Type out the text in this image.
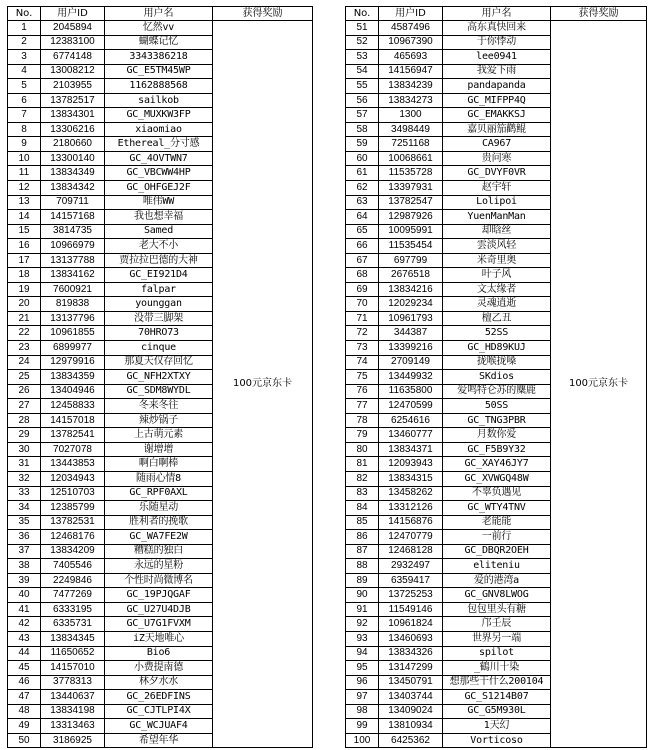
No.	用户ID	用户名	获得奖励
1	2045894	忆然vv	100元京东卡
2	12383100	蝴蝶记忆	
3	6774148	3343386218	
4	13008212	GC_E5TM45WP	
5	2103955	1162888568	
6	13782517	sailkob	
7	13834301	GC_MUXKW3FP	
8	13306216	xiaomiao	
9	2180660	Ethereal_分寸感	
10	13300140	GC_4OVTWN7	
11	13834349	GC_VBCWW4HP	
12	13834342	GC_OHFGEJ2F	
13	709711	唯伟WW	
14	14157168	我也想幸福	
15	3814735	Samed	
16	10966979	老大不小	
17	13137788	贾拉拉巴德的大神	
18	13834162	GC_EI921D4	
19	7600921	falpar	
20	819838	younggan	
21	13137796	没带三脚架	
22	10961855	70HRO73	
23	6899977	cinque	
24	12979916	那夏天仅存回忆	
25	13834359	GC_NFH2XTXY	
26	13404946	GC_SDM8WYDL	
27	12458833	冬来冬往	
28	14157018	辣炒锅子	
29	13782541	上古萌元素	
30	7027078	谢增增	
31	13443853	啊白啊棒	
32	12034943	随雨心情8	
33	12510703	GC_RPF0AXL	
34	12385799	乐随星动	
35	13782531	胜利者的挽歌	
36	12468176	GC_WA7FE2W	
37	13834209	糟糕的独白	
38	7405546	永远的星粉	
39	2249846	个性时尚微博名	
40	7477269	GC_19PJQGAF	
41	6333195	GC_U27U4DJB	
42	6335731	GC_U7G1FVXM	
43	13834345	iZ天地唯心	
44	11650652	Bio6	
45	14157010	小费提南德	
46	3778313	林夕水水	
47	13440637	GC_26EDFINS	
48	13834198	GC_CJTLPI4X	
49	13313463	GC_WCJUAF4	
50	3186925	希望年华	
No.	用户ID	用户名	获得奖励
51	4587496	高东真快回来	100元京东卡
52	10967390	于你悸动	
53	465693	lee0941	
54	14156947	我爱下雨	
55	13834239	pandapanda	
56	13834273	GC_MIFPP4Q	
57	1300	GC_EMAKKSJ	
58	3498449	嘉贝丽笳鹳鲲	
59	7251168	CA967	
60	10068661	贵问寒	
61	11535728	GC_DVYF0VR	
62	13397931	赵宇轩	
63	13782547	Lolipoi	
64	12987926	YuenManMan	
65	10095991	却晗丝	
66	11535454	雲淡风轻	
67	697799	米奇里奥	
68	2676518	叶子风	
69	13834216	文太缘者	
70	12029234	灵魂逍逝	
71	10961793	檀乙丑	
72	344387	52SS	
73	13399216	GC_HD89KUJ	
74	2709149	拢喉拢嗓	
75	13449932	SKdios	
76	11635800	爱鸣特仑苏的麋鹿	
77	12470599	50SS	
78	6254616	GC_TNG3PBR	
79	13460777	月数你爱	
80	13834371	GC_F5B9Y32	
81	12093943	GC_XAY46JY7	
82	13834315	GC_XVWGQ48W	
83	13458262	不辜负遇见	
84	13312126	GC_WTY4TNV	
85	14156876	老能能	
86	12470779	一前行	
87	12468128	GC_DBQR2OEH	
88	2932497	eliteniu	
89	6359417	爱的港湾a	
90	13725253	GC_GNV8LWOG	
91	11549146	包包里头有糖	
92	10961824	邝壬辰	
93	13460693	世界另一端	
94	13834326	spilot	
95	13147299	_鶴川十染	
96	13450791	想那些干什么200104	
97	13403744	GC_S1214B07	
98	13409024	GC_G5M930L	
99	13810934	1天幻	
100	6425362	Vorticoso	
